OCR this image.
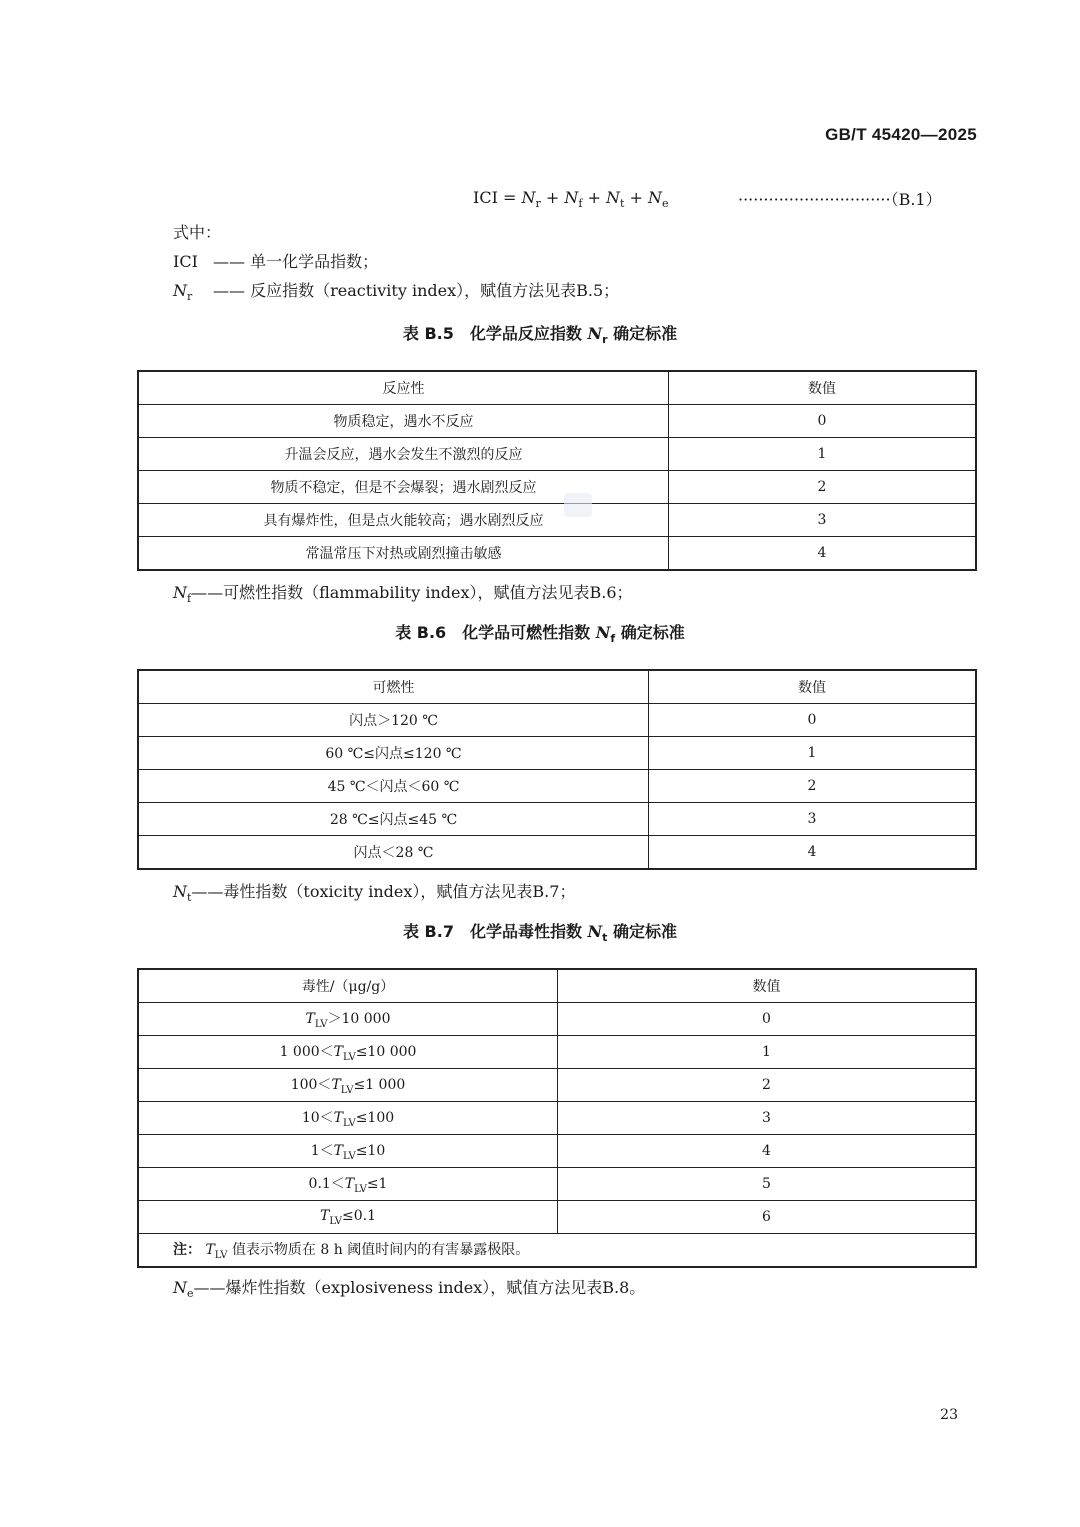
GB/T 45420—2025
ICI = $N_r + N_f + N_t + N_e$	······························（B.1）
式中：
ICI —— 单一化学品指数；
$N_r$ —— 反应指数（reactivity index），赋值方法见表B.5；
表 B.5　化学品反应指数 $N_r$ 确定标准
反应性	数值
物质稳定，遇水不反应	0
升温会反应，遇水会发生不激烈的反应	1
物质不稳定，但是不会爆裂；遇水剧烈反应	2
具有爆炸性，但是点火能较高；遇水剧烈反应	3
常温常压下对热或剧烈撞击敏感	4
$N_f——$可燃性指数（flammability index），赋值方法见表B.6；
表 B.6　化学品可燃性指数 $N_f$ 确定标准
可燃性	数值
闪点＞120 ℃	0
60 ℃≤闪点≤120 ℃	1
45 ℃＜闪点＜60 ℃	2
28 ℃≤闪点≤45 ℃	3
闪点＜28 ℃	4
$N_t——$毒性指数（toxicity index），赋值方法见表B.7；
表 B.7　化学品毒性指数 $N_t$ 确定标准
毒性/（μg/g）	数值
$T_{LV}>10$ 000	0
1 $000<T_{LV}\le 10$ 000	1
$100<T_{LV}\le 1$ 000	2
$10<T_{LV}\le 100$	3
$1<T_{LV}\le 10$	4
$0.1<T_{LV}\le 1$	5
$T_{LV}\le 0.1$	6
注： $T_{LV}$ 值表示物质在 8 h 阈值时间内的有害暴露极限。	
$N_e——$爆炸性指数（explosiveness index），赋值方法见表B.8。
23
